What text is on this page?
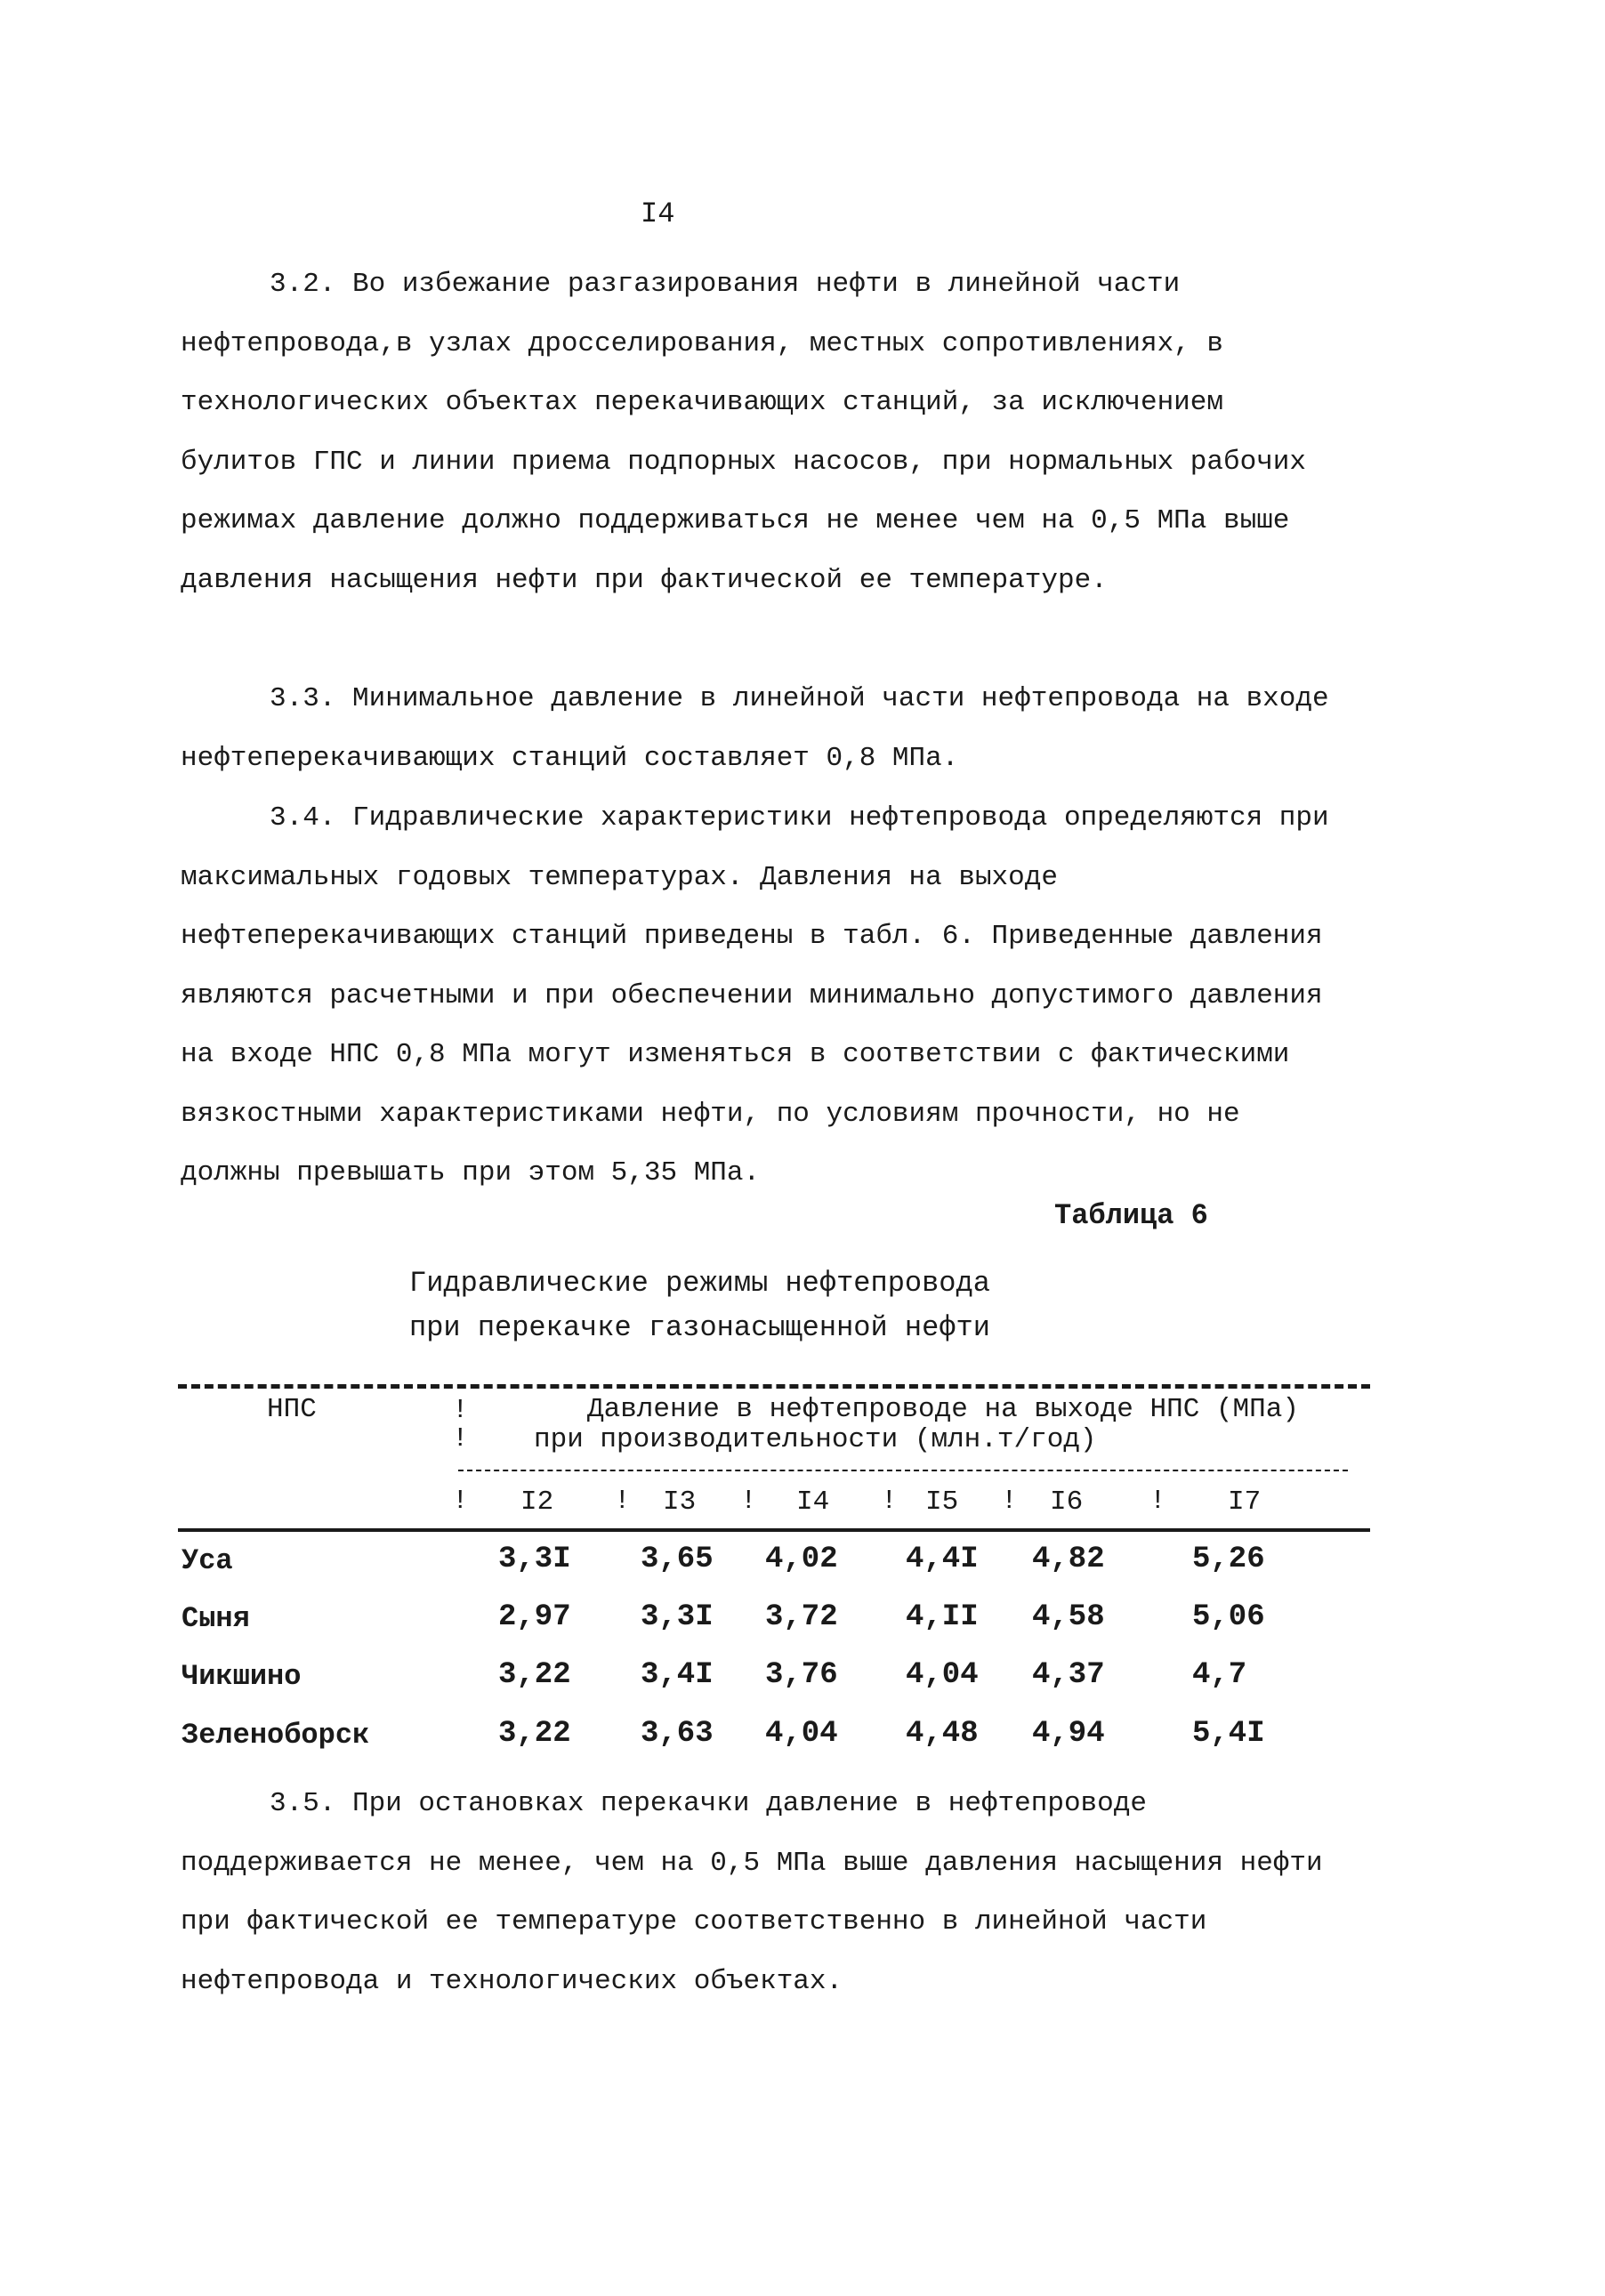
I4

3.2. Во избежание разгазирования нефти в линейной части нефтепровода,в узлах дросселирования, местных сопротивлениях, в технологических объектах перекачивающих станций, за исключением булитов ГПС и линии приема подпорных насосов, при нормальных рабочих режимах давление должно поддерживаться не менее чем на 0,5 МПа выше давления насыщения нефти при фактической ее температуре.

3.3. Минимальное давление в линейной части нефтепровода на входе нефтеперекачивающих станций составляет 0,8 МПа.

3.4. Гидравлические характеристики нефтепровода определяются при максимальных годовых температурах. Давления на выходе нефтеперекачивающих станций приведены в табл. 6. Приведенные давления являются расчетными и при обеспечении минимально допустимого давления на входе НПС 0,8 МПа могут изменяться в соответствии с фактическими вязкостными характеристиками нефти, по условиям прочности, но не должны превышать при этом 5,35 МПа.

Таблица 6
Гидравлические режимы нефтепровода
при перекачке газонасыщенной нефти
НПС	Давление в нефтепроводе на выходе НПС (МПа)
при производительности (млн.т/год)
!
!
!	!	!	!	!	!
I2	I3	I4	I5	I6	I7
Уса	3,3I 3,65 4,02 4,4I 4,82	5,26
Сыня	2,97 3,3I 3,72 4,II 4,58	5,06
Чикшино	3,22 3,4I 3,76 4,04 4,37	4,7
Зеленоборск	3,22 3,63 4,04 4,48 4,94	5,4I

3.5. При остановках перекачки давление в нефтепроводе поддерживается не менее, чем на 0,5 МПа выше давления насыщения нефти при фактической ее температуре соответственно в линейной части нефтепровода и технологических объектах.
